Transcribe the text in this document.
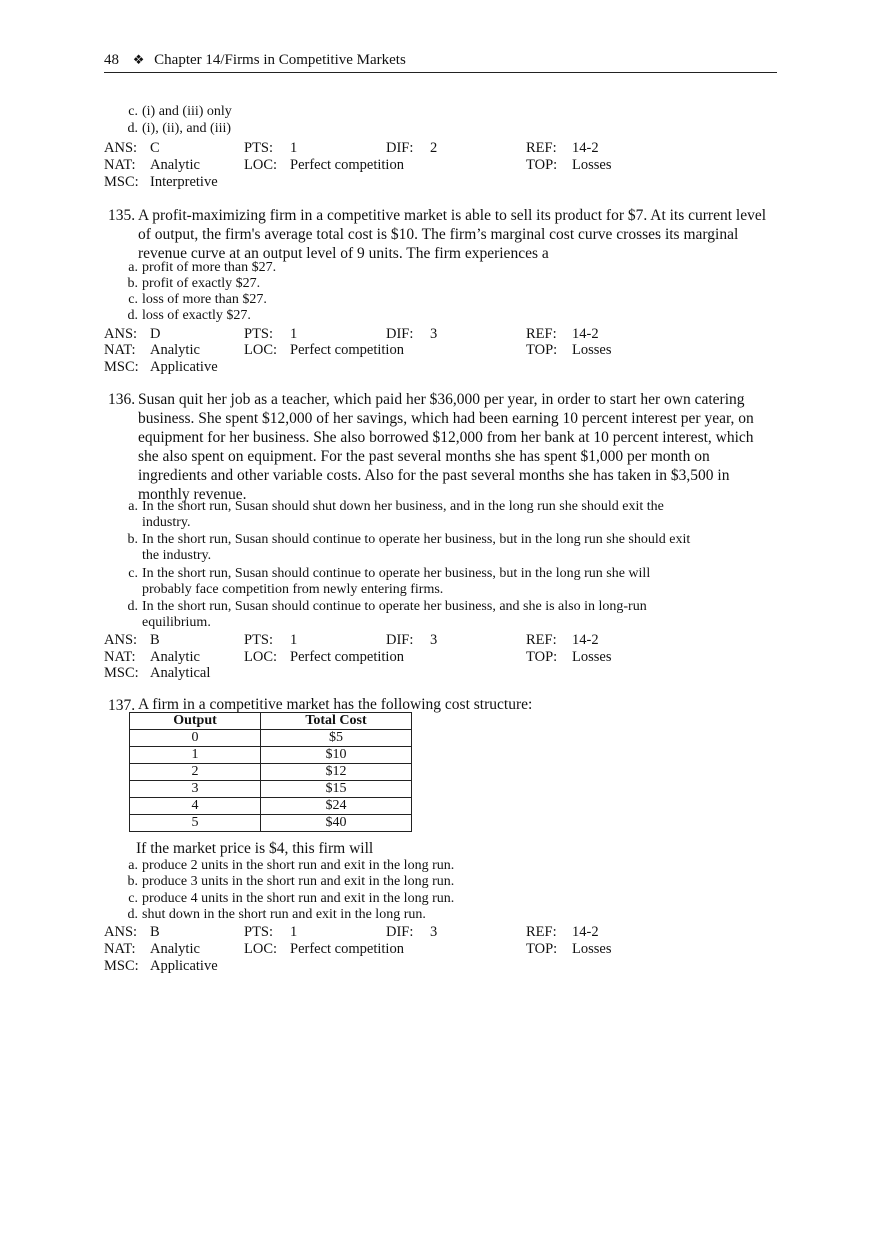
48 ❖ Chapter 14/Firms in Competitive Markets
c. (i) and (iii) only
d. (i), (ii), and (iii)
ANS: C	PTS: 1	DIF: 2	REF: 14-2
NAT: Analytic	LOC: Perfect competition	TOP: Losses
MSC: Interpretive
135. A profit-maximizing firm in a competitive market is able to sell its product for $7. At its current level of output, the firm's average total cost is $10. The firm’s marginal cost curve crosses its marginal revenue curve at an output level of 9 units. The firm experiences a
a. profit of more than $27.
b. profit of exactly $27.
c. loss of more than $27.
d. loss of exactly $27.
ANS: D	PTS: 1	DIF: 3	REF: 14-2
NAT: Analytic	LOC: Perfect competition	TOP: Losses
MSC: Applicative
136. Susan quit her job as a teacher, which paid her $36,000 per year, in order to start her own catering business. She spent $12,000 of her savings, which had been earning 10 percent interest per year, on equipment for her business. She also borrowed $12,000 from her bank at 10 percent interest, which she also spent on equipment. For the past several months she has spent $1,000 per month on ingredients and other variable costs. Also for the past several months she has taken in $3,500 in monthly revenue.
a. In the short run, Susan should shut down her business, and in the long run she should exit the
industry.
b. In the short run, Susan should continue to operate her business, but in the long run she should exit
the industry.
c. In the short run, Susan should continue to operate her business, but in the long run she will
probably face competition from newly entering firms.
d. In the short run, Susan should continue to operate her business, and she is also in long-run
equilibrium.
ANS: B	PTS: 1	DIF: 3	REF: 14-2
NAT: Analytic	LOC: Perfect competition	TOP: Losses
MSC: Analytical
137. A firm in a competitive market has the following cost structure:
Output	Total Cost
0	$5
1	$10
2	$12
3	$15
4	$24
5	$40
If the market price is $4, this firm will
a. produce 2 units in the short run and exit in the long run.
b. produce 3 units in the short run and exit in the long run.
c. produce 4 units in the short run and exit in the long run.
d. shut down in the short run and exit in the long run.
ANS: B	PTS: 1	DIF: 3	REF: 14-2
NAT: Analytic	LOC: Perfect competition	TOP: Losses
MSC: Applicative
